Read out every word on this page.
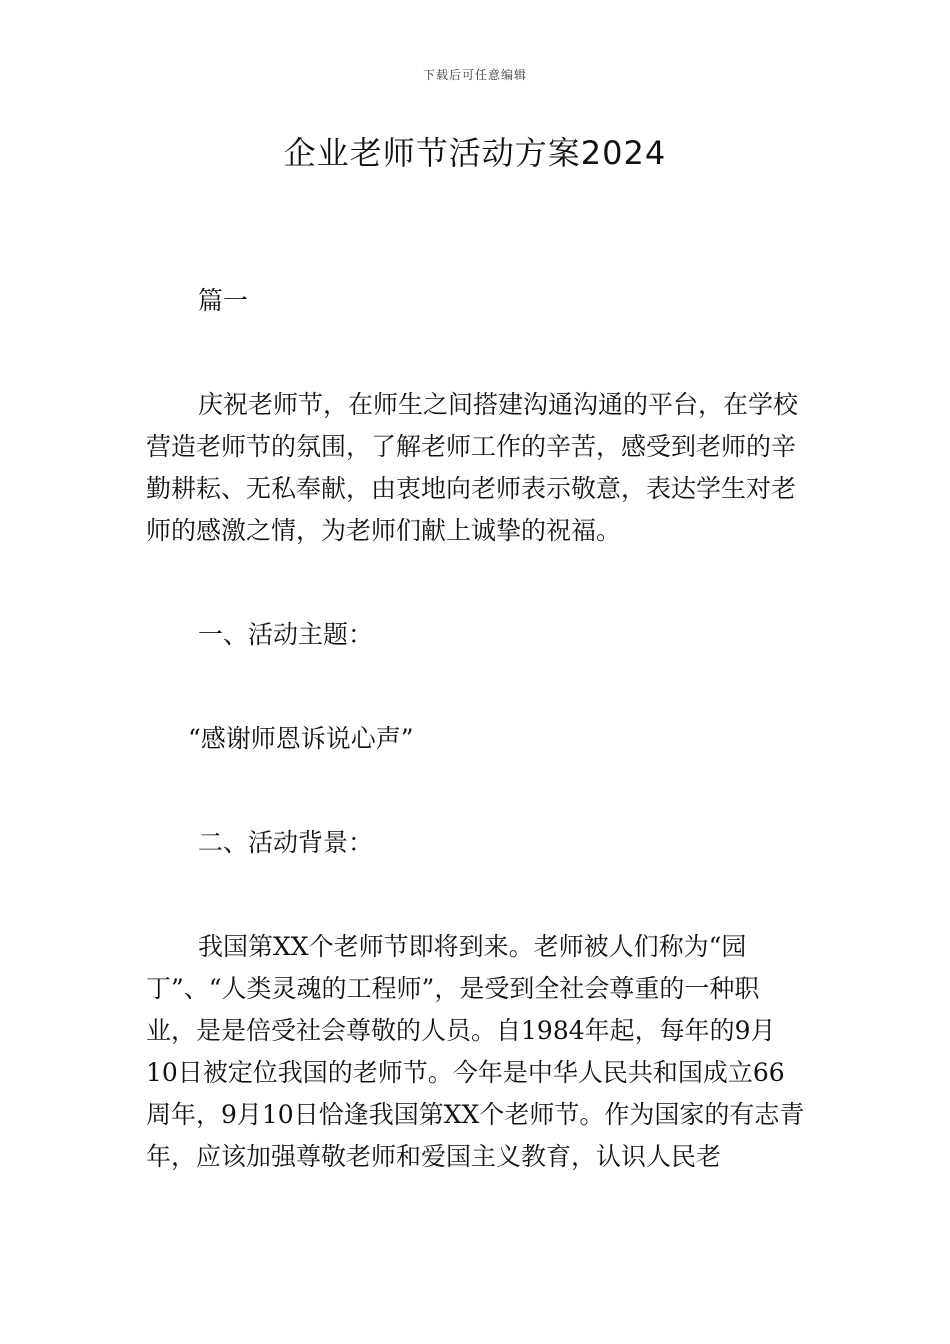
下载后可任意编辑
企业老师节活动方案2024

篇一

庆祝老师节，在师生之间搭建沟通沟通的平台，在学校营造老师节的氛围，了解老师工作的辛苦，感受到老师的辛勤耕耘、无私奉献，由衷地向老师表示敬意，表达学生对老师的感激之情，为老师们献上诚挚的祝福。

一、活动主题：

“感谢师恩诉说心声”

二、活动背景：

我国第XX个老师节即将到来。老师被人们称为“园丁”、“人类灵魂的工程师”，是受到全社会尊重的一种职业，是是倍受社会尊敬的人员。自1984年起，每年的9月10日被定位我国的老师节。今年是中华人民共和国成立66周年，9月10日恰逢我国第XX个老师节。作为国家的有志青年，应该加强尊敬老师和爱国主义教育，认识人民老
